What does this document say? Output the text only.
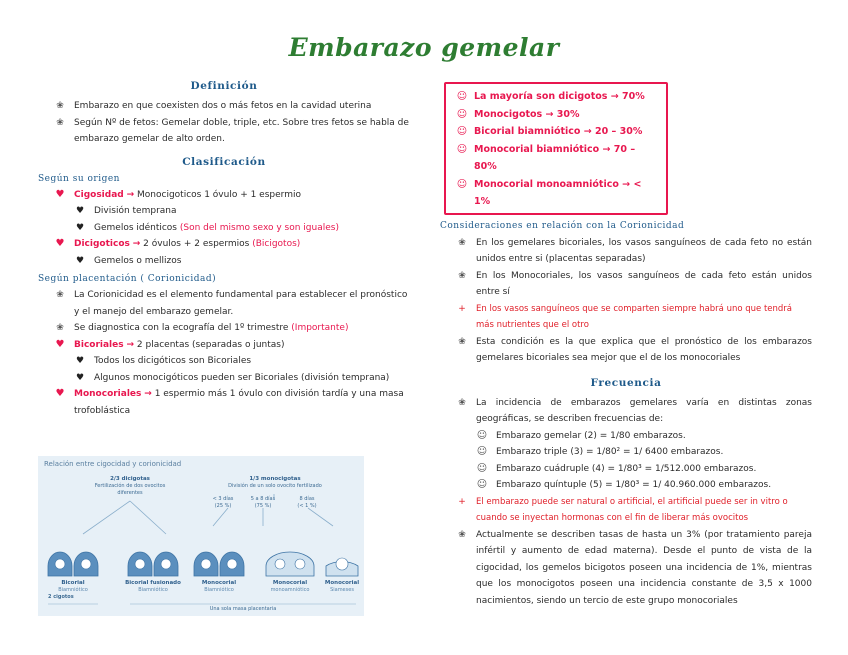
Embarazo gemelar
Definición
❀	Embarazo en que coexisten dos o más fetos en la cavidad uterina
❀	Según Nº de fetos: Gemelar doble, triple, etc. Sobre tres fetos se habla de embarazo gemelar de alto orden.
Clasificación
Según su origen
♥	Cigosidad → Monocigoticos 1 óvulo + 1 espermio
♥	División temprana
♥	Gemelos idénticos (Son del mismo sexo y son iguales)
♥	Dicigoticos → 2 óvulos + 2 espermios (Bicigotos)
♥	Gemelos o mellizos
Según placentación ( Corionicidad)
❀	La Corionicidad es el elemento fundamental para establecer el pronóstico y el manejo del embarazo gemelar.
❀	Se diagnostica con la ecografía del 1º trimestre (Importante)
♥	Bicoriales → 2 placentas (separadas o juntas)
♥	Todos los dicigóticos son Bicoriales
♥	Algunos monocigóticos pueden ser Bicoriales (división temprana)
♥	Monocoriales → 1 espermio más 1 óvulo con división tardía y una masa trofoblástica
Relación entre cigocidad y corionicidad
2/3 dicigotas
Fertilización de dos ovocitos diferentes
1/3 monocigotas
División de un solo ovocito fertilizado
< 3 días
(25 %)
5 a 8 días
(75 %)
8 días
(< 1 %)
Bicorial
Biamniótico
Bicorial fusionado
Biamniótico
Monocorial
Biamniótico
Monocorial
monoamniótico
Monocorial
Siameses
2 cigotos
Una sola masa placentaria
☺ La mayoría son dicigotos → 70%
☺ Monocigotos → 30%
☺ Bicorial biamniótico → 20 – 30%
☺ Monocorial biamniótico → 70 – 80%
☺ Monocorial monoamniótico → < 1%
Consideraciones en relación con la Corionicidad
❀	En los gemelares bicoriales, los vasos sanguíneos de cada feto no están unidos entre si (placentas separadas)
❀	En los Monocoriales, los vasos sanguíneos de cada feto están unidos entre sí
+	En los vasos sanguíneos que se comparten siempre habrá uno que tendrá más nutrientes que el otro
❀	Esta condición es la que explica que el pronóstico de los embarazos gemelares bicoriales sea mejor que el de los monocoriales
Frecuencia
❀	La incidencia de embarazos gemelares varía en distintas zonas geográficas, se describen frecuencias de:
☺ Embarazo gemelar (2) = 1/80 embarazos.
☺ Embarazo triple (3) = 1/80² = 1/ 6400 embarazos.
☺ Embarazo cuádruple (4) = 1/80³ = 1/512.000 embarazos.
☺ Embarazo quíntuple (5) = 1/80³ = 1/ 40.960.000 embarazos.
+	El embarazo puede ser natural o artificial, el artificial puede ser in vitro o cuando se inyectan hormonas con el fin de liberar más ovocitos
❀	Actualmente se describen tasas de hasta un 3% (por tratamiento pareja infértil y aumento de edad materna). Desde el punto de vista de la cigocidad, los gemelos bicigotos poseen una incidencia de 1%, mientras que los monocigotos poseen una incidencia constante de 3,5 x 1000 nacimientos, siendo un tercio de este grupo monocoriales
